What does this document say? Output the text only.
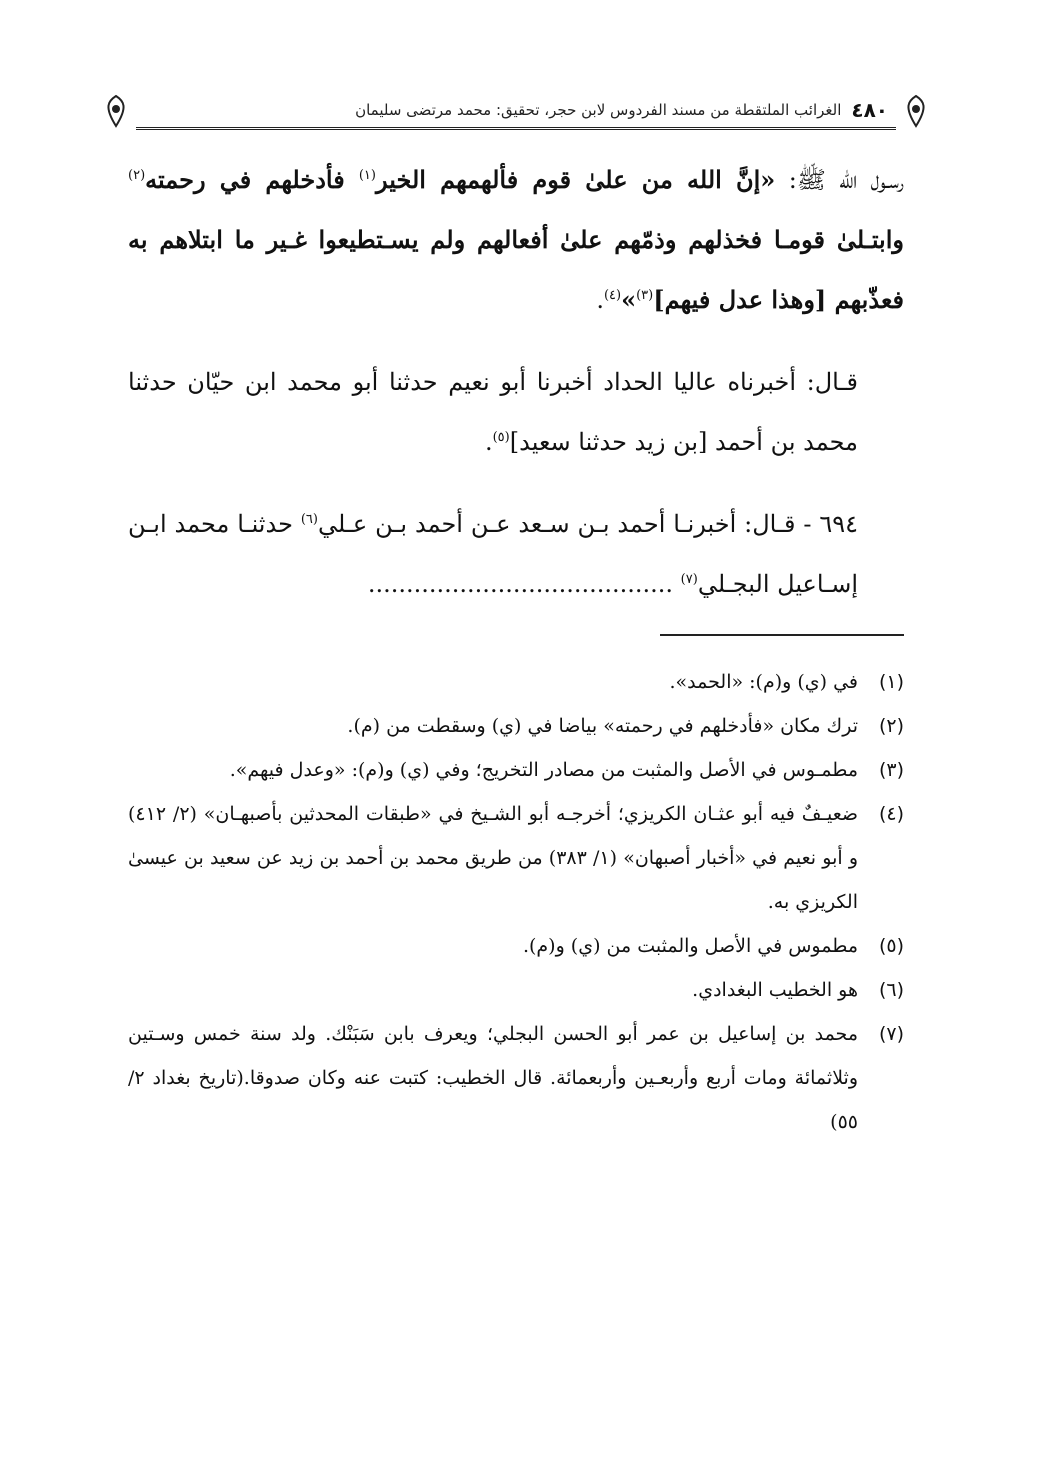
٤٨٠
الغرائب الملتقطة من مسند الفردوس لابن حجر، تحقيق: محمد مرتضى سليمان

رسـول الله ﷺ: «إنَّ الله من علىٰ قوم فألهمهم الخير$^{(١)}$ فأدخلهم في رحمته$^{(٢)}$ وابتـلىٰ قومـا فخذلهم وذمّهم علىٰ أفعالهم ولم يسـتطيعوا غـير ما ابتلاهم به فعذّبهم [وهذا عدل فيهم]$^{(٣)}$»$^{(٤)}$.

قـال: أخبرناه عاليا الحداد أخبرنا أبو نعيم حدثنا أبو محمد ابن حيّان حدثنا محمد بن أحمد [بن زيد حدثنا سعيد]$^{(٥)}$.

٦٩٤ - قـال: أخبرنـا أحمد بـن سـعد عـن أحمد بـن عـلي$^{(٦)}$ حدثنـا محمد ابـن إسـاعيل البجـلي$^{(٧)}$ ........................................

(١)
في (ي) و(م): «الحمد».
(٢)
ترك مكان «فأدخلهم في رحمته» بياضا في (ي) وسقطت من (م).
(٣)
مطمـوس في الأصل والمثبت من مصادر التخريج؛ وفي (ي) و(م): «وعدل فيهم».
(٤)
ضعيـفٌ فيه أبو عثـان الكريزي؛ أخرجـه أبو الشـيخ في «طبقات المحدثين بأصبهـان» (٢/ ٤١٢) و أبو نعيم في «أخبار أصبهان» (١/ ٣٨٣) من طريق محمد بن أحمد بن زيد عن سعيد بن عيسىٰ الكريزي به.
(٥)
مطموس في الأصل والمثبت من (ي) و(م).
(٦)
هو الخطيب البغدادي.
(٧)
محمد بن إساعيل بن عمر أبو الحسن البجلي؛ ويعرف بابن سَبَنْك. ولد سنة خمس وسـتين وثلاثمائة ومات أربع وأربعـين وأربعمائة. قال الخطيب: كتبت عنه وكان صدوقا.(تاريخ بغداد ٢/ ٥٥)
